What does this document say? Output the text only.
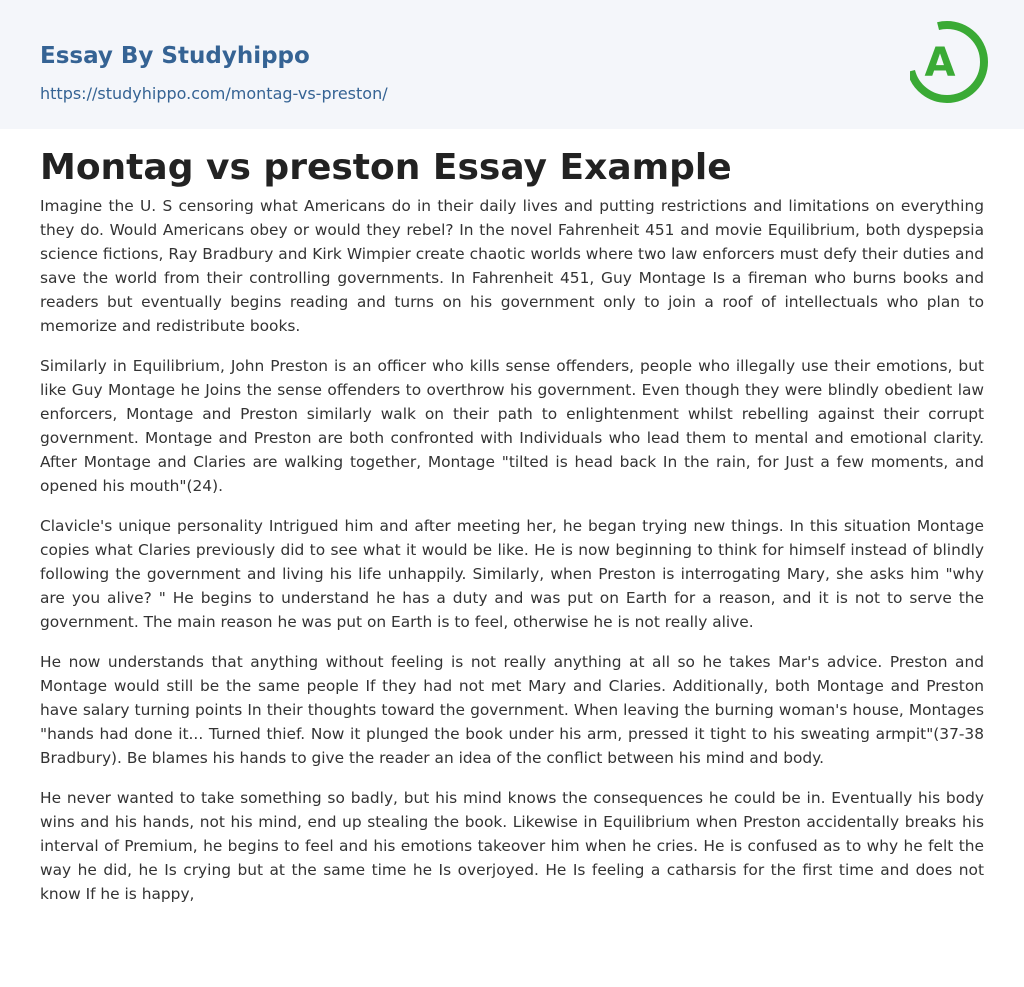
Essay By Studyhippo
https://studyhippo.com/montag-vs-preston/
A
Montag vs preston Essay Example

Imagine the U. S censoring what Americans do in their daily lives and putting restrictions and limitations on everything they do. Would Americans obey or would they rebel? In the novel Fahrenheit 451 and movie Equilibrium, both dyspepsia science fictions, Ray Bradbury and Kirk Wimpier create chaotic worlds where two law enforcers must defy their duties and save the world from their controlling governments. In Fahrenheit 451, Guy Montage Is a fireman who burns books and readers but eventually begins reading and turns on his government only to join a roof of intellectuals who plan to memorize and redistribute books.

Similarly in Equilibrium, John Preston is an officer who kills sense offenders, people who illegally use their emotions, but like Guy Montage he Joins the sense offenders to overthrow his government. Even though they were blindly obedient law enforcers, Montage and Preston similarly walk on their path to enlightenment whilst rebelling against their corrupt government. Montage and Preston are both confronted with Individuals who lead them to mental and emotional clarity. After Montage and Claries are walking together, Montage "tilted is head back In the rain, for Just a few moments, and opened his mouth"(24).

Clavicle's unique personality Intrigued him and after meeting her, he began trying new things. In this situation Montage copies what Claries previously did to see what it would be like. He is now beginning to think for himself instead of blindly following the government and living his life unhappily. Similarly, when Preston is interrogating Mary, she asks him "why are you alive? " He begins to understand he has a duty and was put on Earth for a reason, and it is not to serve the government. The main reason he was put on Earth is to feel, otherwise he is not really alive.

He now understands that anything without feeling is not really anything at all so he takes Mar's advice. Preston and Montage would still be the same people If they had not met Mary and Claries. Additionally, both Montage and Preston have salary turning points In their thoughts toward the government. When leaving the burning woman's house, Montages "hands had done it... Turned thief. Now it plunged the book under his arm, pressed it tight to his sweating armpit"(37-38 Bradbury). Be blames his hands to give the reader an idea of the conflict between his mind and body.

He never wanted to take something so badly, but his mind knows the consequences he could be in. Eventually his body wins and his hands, not his mind, end up stealing the book. Likewise in Equilibrium when Preston accidentally breaks his interval of Premium, he begins to feel and his emotions takeover him when he cries. He is confused as to why he felt the way he did, he Is crying but at the same time he Is overjoyed. He Is feeling a catharsis for the first time and does not know If he is happy,
